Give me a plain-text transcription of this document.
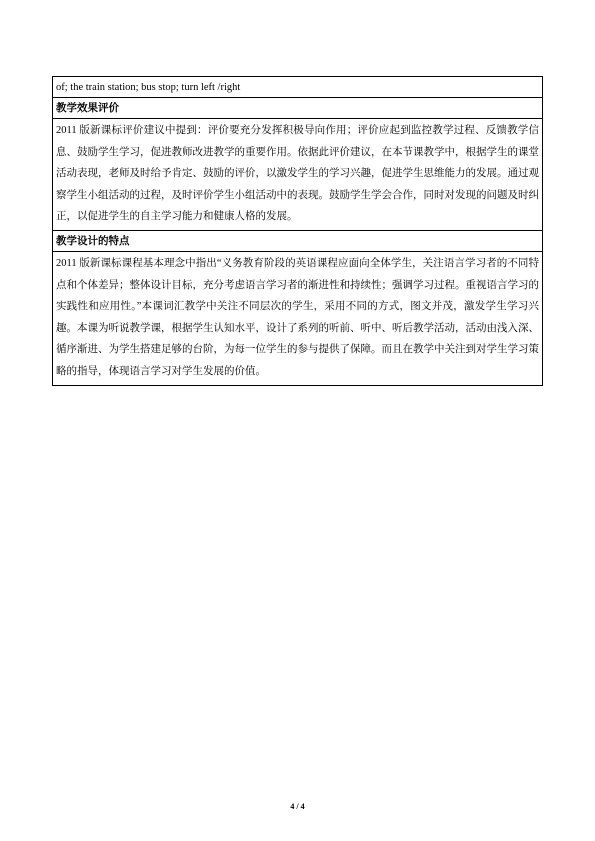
of; the train station; bus stop; turn left /right
教学效果评价
2011 版新课标评价建议中提到：评价要充分发挥积极导向作用；评价应起到监控教学过程、反馈教学信息、鼓励学生学习，促进教师改进教学的重要作用。依据此评价建议，在本节课教学中，根据学生的课堂活动表现，老师及时给予肯定、鼓励的评价，以激发学生的学习兴趣，促进学生思维能力的发展。通过观察学生小组活动的过程，及时评价学生小组活动中的表现。鼓励学生学会合作，同时对发现的问题及时纠正，以促进学生的自主学习能力和健康人格的发展。
教学设计的特点
2011 版新课标课程基本理念中指出“义务教育阶段的英语课程应面向全体学生，关注语言学习者的不同特点和个体差异；整体设计目标，充分考虑语言学习者的渐进性和持续性；强调学习过程。重视语言学习的实践性和应用性。”本课词汇教学中关注不同层次的学生，采用不同的方式，图文并茂，激发学生学习兴趣。本课为听说教学课，根据学生认知水平，设计了系列的听前、听中、听后教学活动，活动由浅入深、循序渐进、为学生搭建足够的台阶，为每一位学生的参与提供了保障。而且在教学中关注到对学生学习策略的指导，体现语言学习对学生发展的价值。
4 / 4
